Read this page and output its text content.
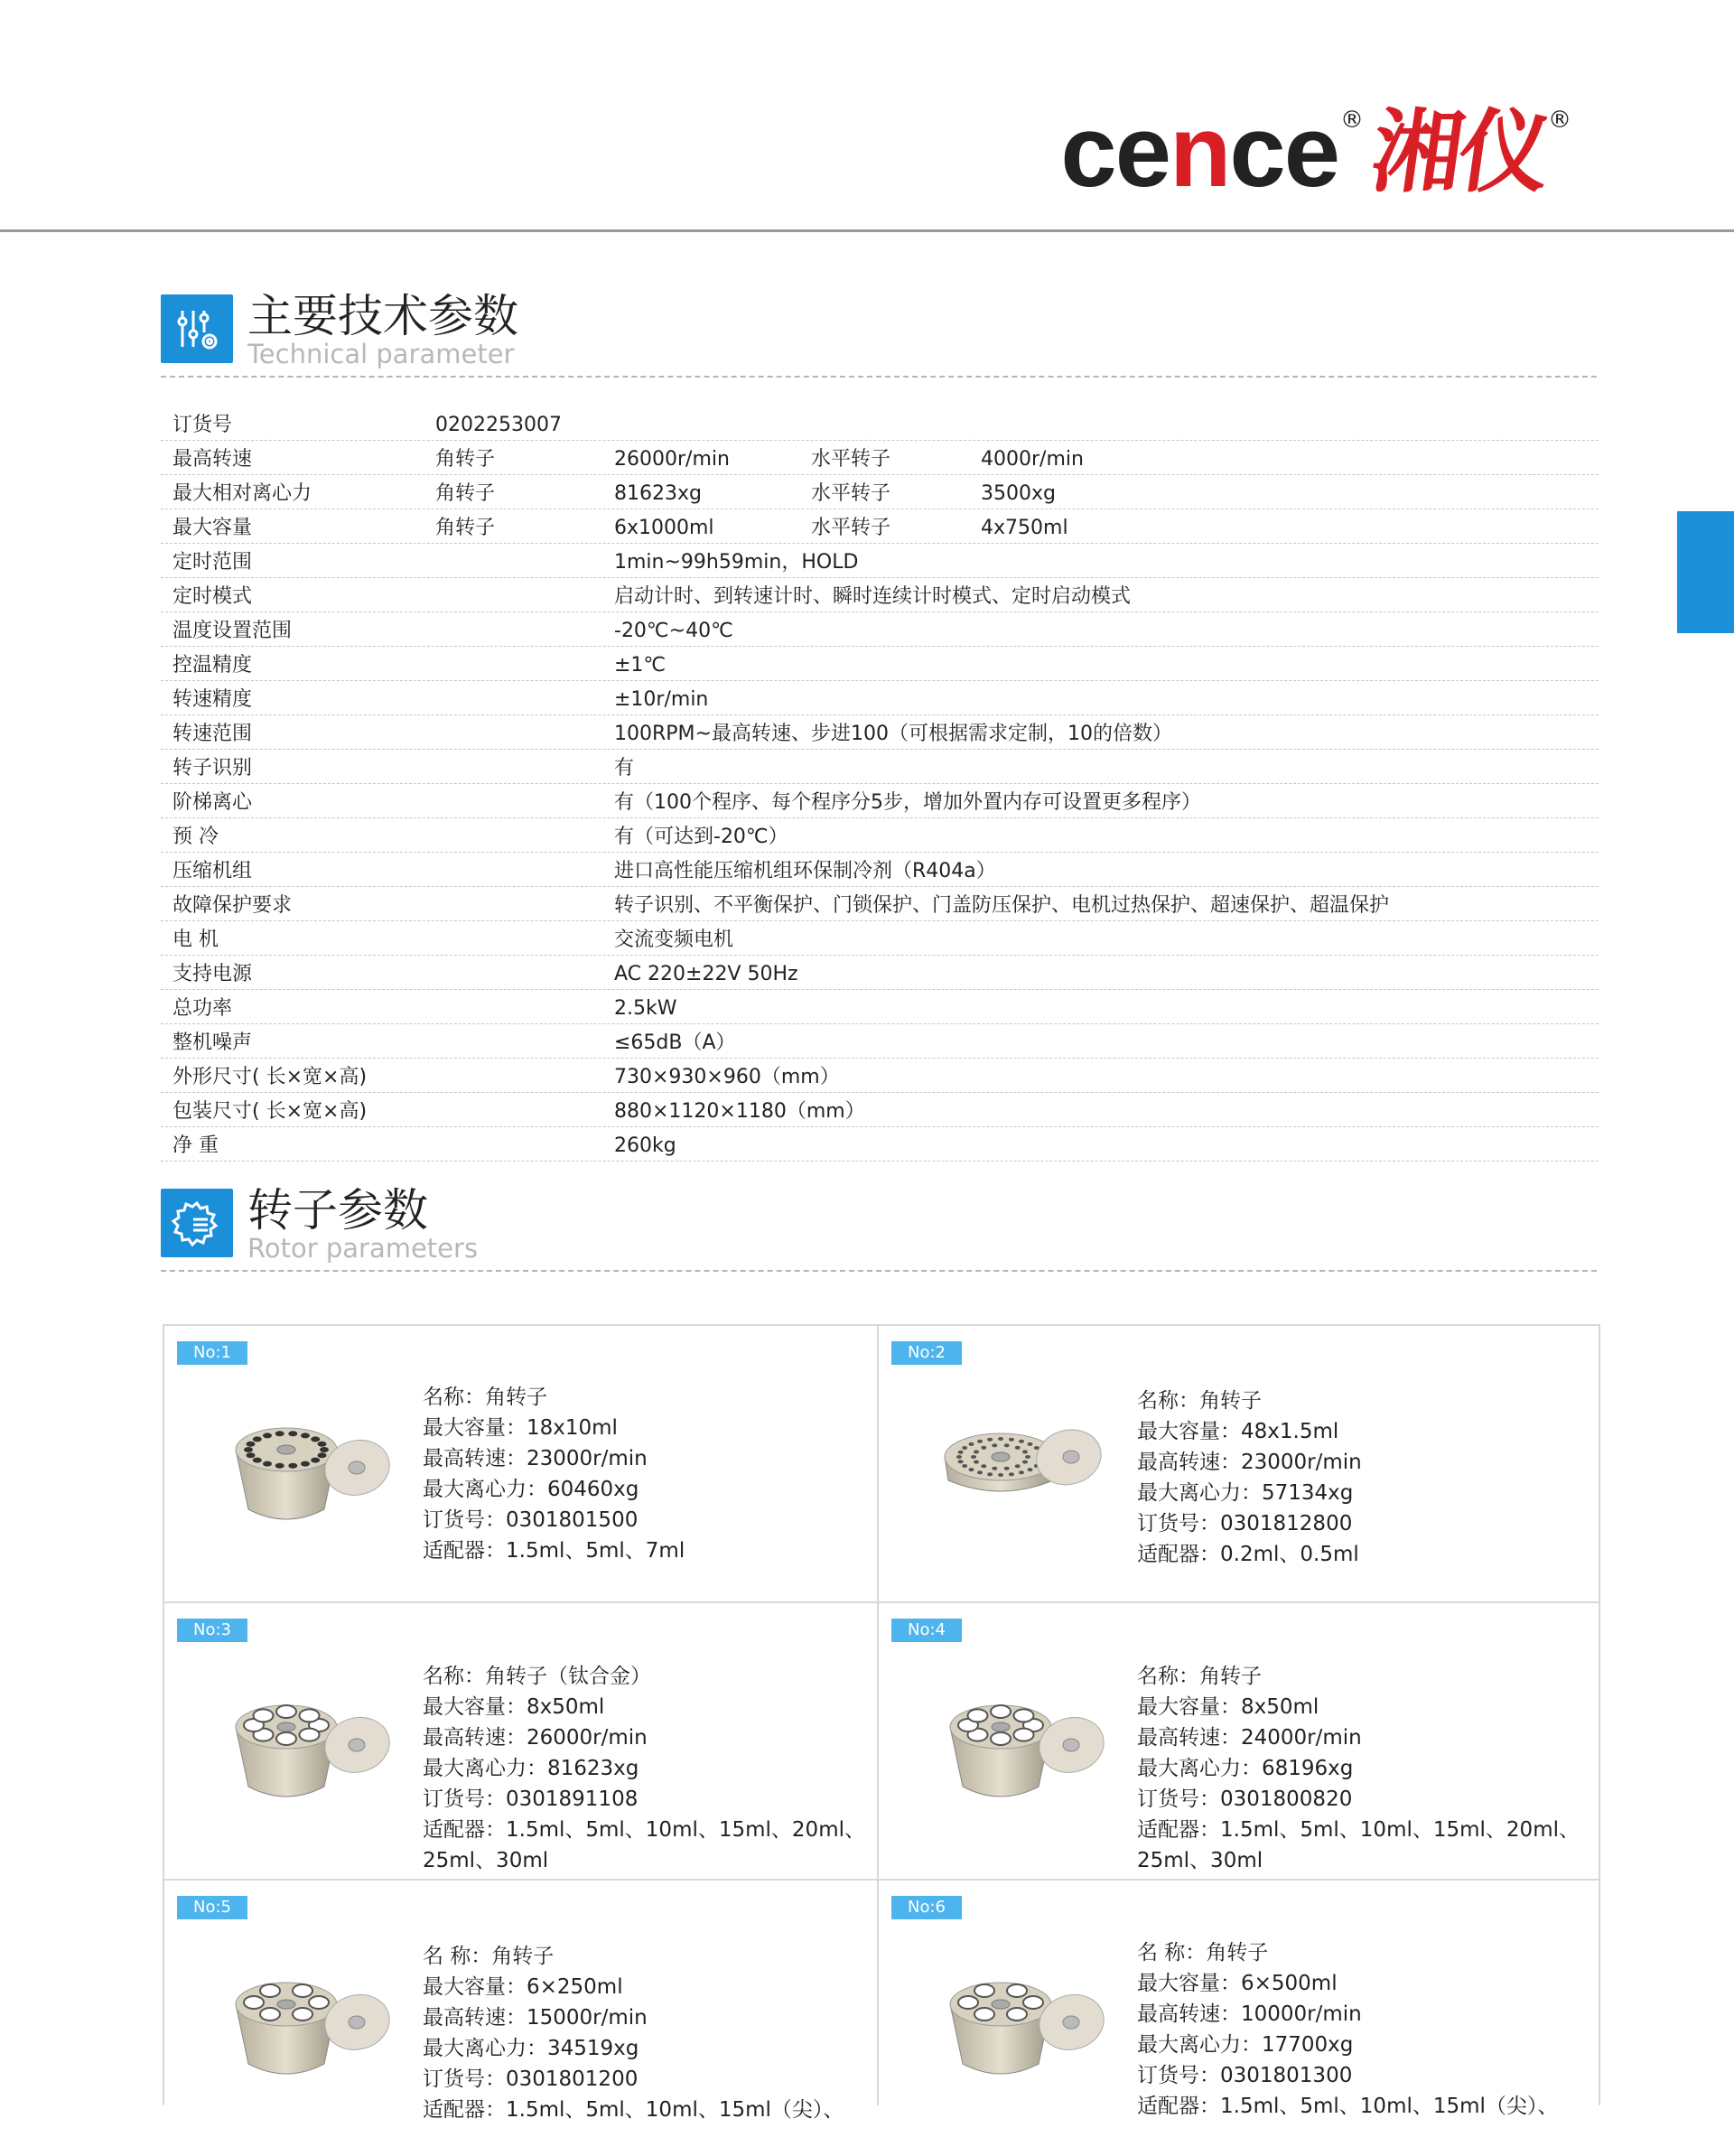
cence ® 湘仪
®
主要技术参数
Technical parameter
订货号	0202253007
最高转速	角转子	26000r/min	水平转子	4000r/min
最大相对离心力	角转子	81623xg	水平转子	3500xg
最大容量	角转子	6x1000ml	水平转子	4x750ml
定时范围	1min~99h59min，HOLD
定时模式	启动计时、到转速计时、瞬时连续计时模式、定时启动模式
温度设置范围	-20℃~40℃
控温精度	±1℃
转速精度	±10r/min
转速范围	100RPM~最高转速、步进100（可根据需求定制，10的倍数）
转子识别	有
阶梯离心	有（100个程序、每个程序分5步，增加外置内存可设置更多程序）
预 冷	有（可达到-20℃）
压缩机组	进口高性能压缩机组环保制冷剂（R404a）
故障保护要求	转子识别、不平衡保护、门锁保护、门盖防压保护、电机过热保护、超速保护、超温保护
电 机	交流变频电机
支持电源	AC 220±22V 50Hz
总功率	2.5kW
整机噪声	≤65dB（A）
外形尺寸( 长×宽×高)	730×930×960（mm）
包装尺寸( 长×宽×高)	880×1120×1180（mm）
净 重	260kg
转子参数
Rotor parameters
No:1
名称：角转子
最大容量：18x10ml
最高转速：23000r/min
最大离心力：60460xg
订货号：0301801500
适配器：1.5ml、5ml、7ml
No:2
名称：角转子
最大容量：48x1.5ml
最高转速：23000r/min
最大离心力：57134xg
订货号：0301812800
适配器：0.2ml、0.5ml
No:3
名称：角转子（钛合金）
最大容量：8x50ml
最高转速：26000r/min
最大离心力：81623xg
订货号：0301891108
适配器：1.5ml、5ml、10ml、15ml、20ml、
25ml、30ml
No:4
名称：角转子
最大容量：8x50ml
最高转速：24000r/min
最大离心力：68196xg
订货号：0301800820
适配器：1.5ml、5ml、10ml、15ml、20ml、
25ml、30ml
No:5
名 称：角转子
最大容量：6×250ml
最高转速：15000r/min
最大离心力：34519xg
订货号：0301801200
适配器：1.5ml、5ml、10ml、15ml（尖）、
No:6
名 称：角转子
最大容量：6×500ml
最高转速：10000r/min
最大离心力：17700xg
订货号：0301801300
适配器：1.5ml、5ml、10ml、15ml（尖）、
